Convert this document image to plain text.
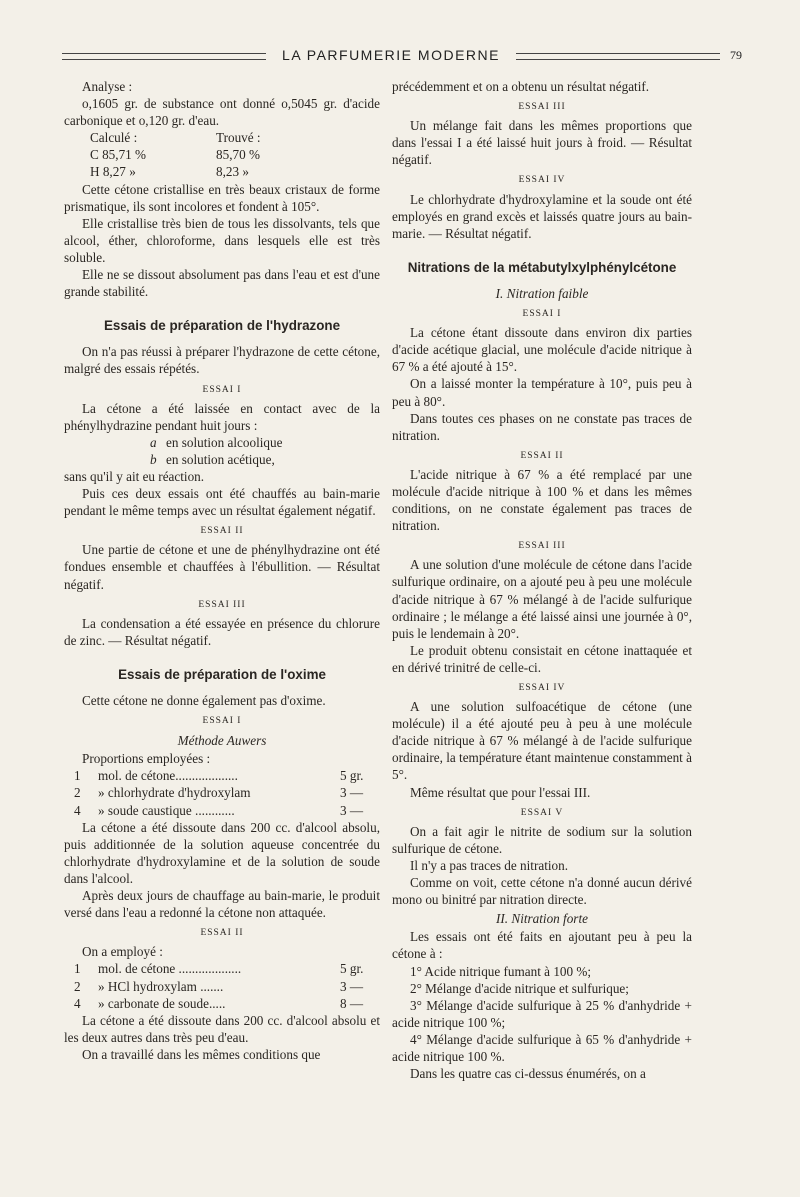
LA PARFUMERIE MODERNE	79

Analyse :

o,1605 gr. de substance ont donné o,5045 gr. d'acide carbonique et o,120 gr. d'eau.

Calculé :	Trouvé :
C 85,71 %	85,70 %
H 8,27 »	8,23 »

Cette cétone cristallise en très beaux cristaux de forme prismatique, ils sont incolores et fondent à 105°.

Elle cristallise très bien de tous les dissolvants, tels que alcool, éther, chloroforme, dans lesquels elle est très soluble.

Elle ne se dissout absolument pas dans l'eau et est d'une grande stabilité.

Essais de préparation de l'hydrazone

On n'a pas réussi à préparer l'hydrazone de cette cétone, malgré des essais répétés.

ESSAI I

La cétone a été laissée en contact avec de la phénylhydrazine pendant huit jours :

a en solution alcoolique
b en solution acétique,

sans qu'il y ait eu réaction.

Puis ces deux essais ont été chauffés au bain-marie pendant le même temps avec un résultat également négatif.

ESSAI II

Une partie de cétone et une de phénylhydrazine ont été fondues ensemble et chauffées à l'ébullition. — Résultat négatif.

ESSAI III

La condensation a été essayée en présence du chlorure de zinc. — Résultat négatif.

Essais de préparation de l'oxime

Cette cétone ne donne également pas d'oxime.

ESSAI I
Méthode Auwers

Proportions employées :

1	mol. de cétone...................	5 gr.
2	» chlorhydrate d'hydroxylam	3 —
4	» soude caustique ............	3 —

La cétone a été dissoute dans 200 cc. d'alcool absolu, puis additionnée de la solution aqueuse concentrée du chlorhydrate d'hydroxylamine et de la solution de soude dans l'alcool.

Après deux jours de chauffage au bain-marie, le produit versé dans l'eau a redonné la cétone non attaquée.

ESSAI II

On a employé :

1	mol. de cétone ...................	5 gr.
2	» HCl hydroxylam .......	3 —
4	» carbonate de soude.....	8 —

La cétone a été dissoute dans 200 cc. d'alcool absolu et les deux autres dans très peu d'eau.

On a travaillé dans les mêmes conditions que

précédemment et on a obtenu un résultat négatif.

ESSAI III

Un mélange fait dans les mêmes proportions que dans l'essai I a été laissé huit jours à froid. — Résultat négatif.

ESSAI IV

Le chlorhydrate d'hydroxylamine et la soude ont été employés en grand excès et laissés quatre jours au bain-marie. — Résultat négatif.

Nitrations de la métabutylxylphénylcétone
I. Nitration faible
ESSAI I

La cétone étant dissoute dans environ dix parties d'acide acétique glacial, une molécule d'acide nitrique à 67 % a été ajouté à 15°.

On a laissé monter la température à 10°, puis peu à peu à 80°.

Dans toutes ces phases on ne constate pas traces de nitration.

ESSAI II

L'acide nitrique à 67 % a été remplacé par une molécule d'acide nitrique à 100 % et dans les mêmes conditions, on ne constate également pas traces de nitration.

ESSAI III

A une solution d'une molécule de cétone dans l'acide sulfurique ordinaire, on a ajouté peu à peu une molécule d'acide nitrique à 67 % mélangé à de l'acide sulfurique ordinaire ; le mélange a été laissé ainsi une journée à 0°, puis le lendemain à 20°.

Le produit obtenu consistait en cétone inattaquée et en dérivé trinitré de celle-ci.

ESSAI IV

A une solution sulfoacétique de cétone (une molécule) il a été ajouté peu à peu à une molécule d'acide nitrique à 67 % mélangé à de l'acide sulfurique ordinaire, la température étant maintenue constamment à 5°.

Même résultat que pour l'essai III.

ESSAI V

On a fait agir le nitrite de sodium sur la solution sulfurique de cétone.

Il n'y a pas traces de nitration.

Comme on voit, cette cétone n'a donné aucun dérivé mono ou binitré par nitration directe.

II. Nitration forte

Les essais ont été faits en ajoutant peu à peu la cétone à :

1° Acide nitrique fumant à 100 %;

2° Mélange d'acide nitrique et sulfurique;

3° Mélange d'acide sulfurique à 25 % d'anhydride + acide nitrique 100 %;

4° Mélange d'acide sulfurique à 65 % d'anhydride + acide nitrique 100 %.

Dans les quatre cas ci-dessus énumérés, on a
